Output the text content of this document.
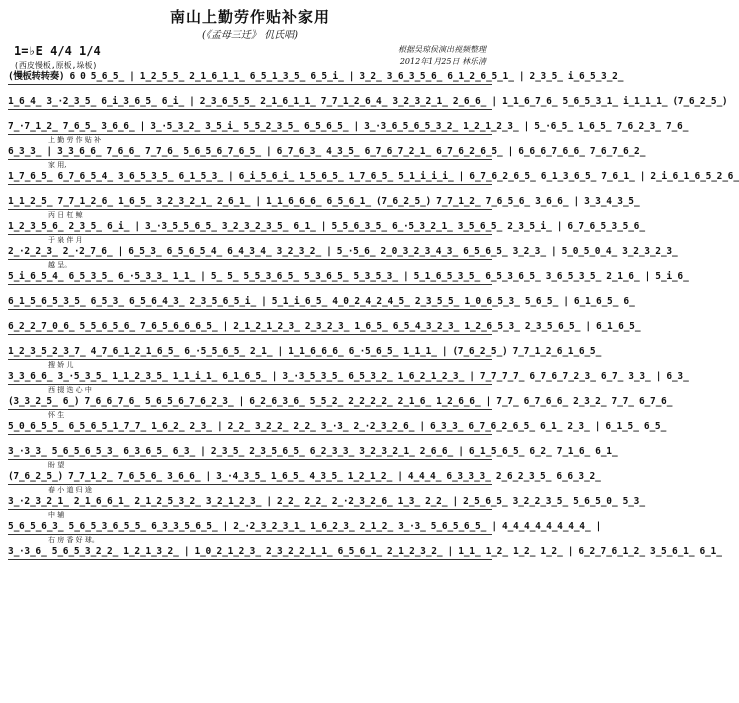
南山上勤劳作贴补家用
(《孟母三迁》 仉氏唱)
1=♭E 4/4 1/4
(西皮慢板,原板,垛板)
根据吴琼侯演出视频整理
2012年1月25日 林乐清
(慢板转转奏) 6 0 5̲6̲5̲ | 1̲2̲5̲5̲ 2̲1̲6̲1̲1̲ 6̲5̲1̲3̲5̲ 6̲5̲i̲ | 3̲2̲ 3̲6̲3̲5̲6̲ 6̲1̲2̲6̲5̲1̲ | 2̲3̲5̲ i̲6̲5̲3̲2̲
1̲6̲4̲ 3̲·2̲3̲5̲ 6̲i̲3̲6̲5̲ 6̲i̲ | 2̲3̲6̲5̲5̲ 2̲1̲6̲1̲1̲ 7̲7̲1̲2̲6̲4̲ 3̲2̲3̲2̲1̲ 2̲6̲6̲ | 1̲1̲6̲7̲6̲ 5̲6̲5̲3̲1̲ i̲1̲1̲1̲ (7̲6̲2̲5̲)
7̲·7̲1̲2̲ 7̲6̲5̲ 3̲6̲6̲ | 3̲·5̲3̲2̲ 3̲5̲i̲ 5̲5̲2̲3̲5̲ 6̲5̲6̲5̲ | 3̲·3̲6̲5̲6̲5̲3̲2̲ 1̲2̲1̲2̲3̲ | 5̲·6̲5̲ 1̲6̲5̲ 7̲6̲2̲3̲ 7̲6̲
上 勤 劳 作 贴 补
6̲3̲3̲ | 3̲3̲6̲6̲ 7̲6̲6̲ 7̲7̲6̲ 5̲6̲5̲6̲7̲6̲5̲ | 6̲7̲6̲3̲ 4̲3̲5̲ 6̲7̲6̲7̲2̲1̲ 6̲7̲6̲2̲6̲5̲ | 6̲6̲6̲7̲6̲6̲ 7̲6̲7̲6̲2̲
家 用,
1̲7̲6̲5̲ 6̲7̲6̲5̲4̲ 3̲6̲5̲3̲5̲ 6̲1̲5̲3̲ | 6̲i̲5̲6̲i̲ 1̲5̲6̲5̲ 1̲7̲6̲5̲ 5̲1̲i̲i̲i̲ | 6̲7̲6̲2̲6̲5̲ 6̲1̲3̲6̲5̲ 7̲6̲1̲ | 2̲i̲6̲1̲6̲5̲2̲6̲
1̲1̲2̲5̲ 7̲7̲1̲2̲6̲ 1̲6̲5̲ 3̲2̲3̲2̲1̲ 2̲6̲1̲ | 1̲1̲6̲6̲6̲ 6̲5̲6̲1̲ (7̲6̲2̲5̲) 7̲7̲1̲2̲ 7̲6̲5̲6̲ 3̲6̲6̲ | 3̲3̲4̲3̲5̲
丙 日 杠 鲸
1̲2̲3̲5̲6̲ 2̲3̲5̲ 6̲i̲ | 3̲·3̲5̲5̲6̲5̲ 3̲2̲3̲2̲3̲5̲ 6̲1̲ | 5̲5̲6̲3̲5̲ 6̲·5̲3̲2̲1̲ 3̲5̲6̲5̲ 2̲3̲5̲i̲ | 6̲7̲6̲5̲3̲5̲6̲
于 泉 伴 月
2̲·2̲2̲3̲ 2̲·2̲7̲6̲ | 6̲5̲3̲ 6̲5̲6̲5̲4̲ 6̲4̲3̲4̲ 3̲2̲3̲2̲ | 5̲·5̲6̲ 2̲0̲3̲2̲3̲4̲3̲ 6̲5̲6̲5̲ 3̲2̲3̲ | 5̲0̲5̲0̲4̲ 3̲2̲3̲2̲3̲
越 呈。
5̲i̲6̲5̲4̲ 6̲5̲3̲5̲ 6̲·5̲3̲3̲ 1̲1̲ | 5̲ 5̲ 5̲5̲3̲6̲5̲ 5̲3̲6̲5̲ 5̲3̲5̲3̲ | 5̲1̲6̲5̲3̲5̲ 6̲5̲3̲6̲5̲ 3̲6̲5̲3̲5̲ 2̲1̲6̲ | 5̲i̲6̲
6̲1̲5̲6̲5̲3̲5̲ 6̲5̲3̲ 6̲5̲6̲4̲3̲ 2̲3̲5̲6̲5̲i̲ | 5̲1̲i̲6̲5̲ 4̲0̲2̲4̲2̲4̲5̲ 2̲3̲5̲5̲ 1̲0̲6̲5̲3̲ 5̲6̲5̲ | 6̲1̲6̲5̲ 6̲
6̲2̲2̲7̲0̲6̲ 5̲5̲6̲5̲6̲ 7̲6̲5̲6̲6̲6̲5̲ | 2̲1̲2̲1̲2̲3̲ 2̲3̲2̲3̲ 1̲6̲5̲ 6̲5̲4̲3̲2̲3̲ 1̲2̲6̲5̲3̲ 2̲3̲5̲6̲5̲ | 6̲1̲6̲5̲
1̲2̲3̲5̲2̲3̲7̲ 4̲7̲6̲1̲2̲1̲6̲5̲ 6̲·5̲5̲6̲5̲ 2̲1̲ | 1̲1̲6̲6̲6̲ 6̲·5̲6̲5̲ 1̲1̲1̲ | (7̲6̲2̲5̲) 7̲7̲1̲2̲6̲1̲6̲5̲
搜 娇 儿
3̲3̲6̲6̲ 3̲·5̲3̲5̲ 1̲1̲2̲3̲5̲ 1̲1̲i̲1̲ 6̲1̲6̲5̲ | 3̲·3̲5̲3̲5̲ 6̲5̲3̲2̲ 1̲6̲2̲1̲2̲3̲ | 7̲7̲7̲7̲ 6̲7̲6̲7̲2̲3̲ 6̲7̲ 3̲3̲ | 6̲3̲
西 掇 迭 心 中
(3̲3̲2̲5̲ 6̲) 7̲6̲6̲7̲6̲ 5̲6̲5̲6̲7̲6̲2̲3̲ | 6̲2̲6̲3̲6̲ 5̲5̲2̲ 2̲2̲2̲2̲ 2̲1̲6̲ 1̲2̲6̲6̲ | 7̲7̲ 6̲7̲6̲6̲ 2̲3̲2̲ 7̲7̲ 6̲7̲6̲
怀 生
5̲0̲6̲5̲5̲ 6̲5̲6̲5̲1̲7̲7̲ 1̲6̲2̲ 2̲3̲ | 2̲2̲ 3̲2̲2̲ 2̲2̲ 3̲·3̲ 2̲·2̲3̲2̲6̲ | 6̲3̲3̲ 6̲7̲6̲2̲6̲5̲ 6̲1̲ 2̲3̲ | 6̲1̲5̲ 6̲5̲
3̲·3̲3̲ 5̲6̲5̲6̲5̲3̲ 6̲3̲6̲5̲ 6̲3̲ | 2̲3̲5̲ 2̲3̲5̲6̲5̲ 6̲2̲3̲3̲ 3̲2̲3̲2̲1̲ 2̲6̲6̲ | 6̲1̲5̲6̲5̲ 6̲2̲ 7̲1̲6̲ 6̲1̲
盼 望
(7̲6̲2̲5̲) 7̲7̲1̲2̲ 7̲6̲5̲6̲ 3̲6̲6̲ | 3̲·4̲3̲5̲ 1̲6̲5̲ 4̲3̲5̲ 1̲2̲1̲2̲ | 4̲4̲4̲ 6̲3̲3̲3̲ 2̲6̲2̲3̲5̲ 6̲6̲3̲2̲
春 小 道 归 途
3̲·2̲3̲2̲1̲ 2̲1̲6̲6̲1̲ 2̲1̲2̲5̲3̲2̲ 3̲2̲1̲2̲3̲ | 2̲2̲ 2̲2̲ 2̲·2̲3̲2̲6̲ 1̲3̲ 2̲2̲ | 2̲5̲6̲5̲ 3̲2̲2̲3̲5̲ 5̲6̲5̲0̲ 5̲3̲
中 辅
5̲6̲5̲6̲3̲ 5̲6̲5̲3̲6̲5̲5̲ 6̲3̲3̲5̲6̲5̲ | 2̲·2̲3̲2̲3̲1̲ 1̲6̲2̲3̲ 2̲1̲2̲ 3̲·3̲ 5̲6̲5̲6̲5̲ | 4̲4̲4̲4̲4̲4̲4̲4̲ |
右 房 香 好 球。
3̲·3̲6̲ 5̲6̲5̲3̲2̲2̲ 1̲2̲1̲3̲2̲ | 1̲0̲2̲1̲2̲3̲ 2̲3̲2̲2̲1̲1̲ 6̲5̲6̲1̲ 2̲1̲2̲3̲2̲ | 1̲1̲ 1̲2̲ 1̲2̲ 1̲2̲ | 6̲2̲7̲6̲1̲2̲ 3̲5̲6̲1̲ 6̲1̲
